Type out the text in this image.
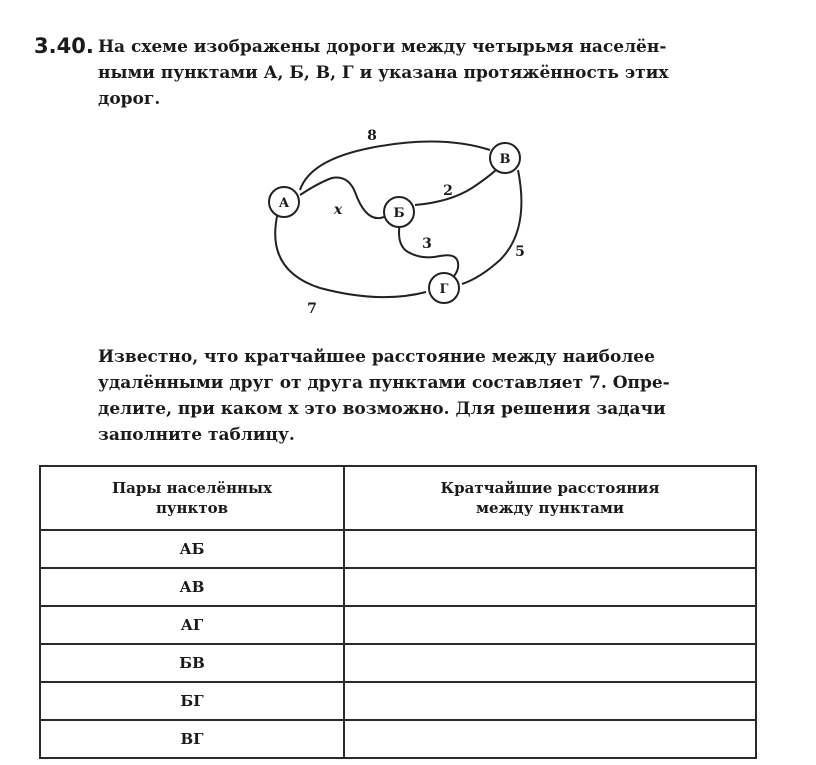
3.40. На схеме изображены дороги между четырьмя населён-
ными пунктами А, Б, В, Г и указана протяжённость этих
дорог.
А
Б
В
Г
8
2
x
3	5
7
Известно, что кратчайшее расстояние между наиболее
удалёнными друг от друга пунктами составляет 7. Опре-
делите, при каком x это возможно. Для решения задачи
заполните таблицу.
Пары населённых
пунктов	Кратчайшие расстояния
между пунктами
АБ	
АВ	
АГ	
БВ	
БГ	
ВГ	
